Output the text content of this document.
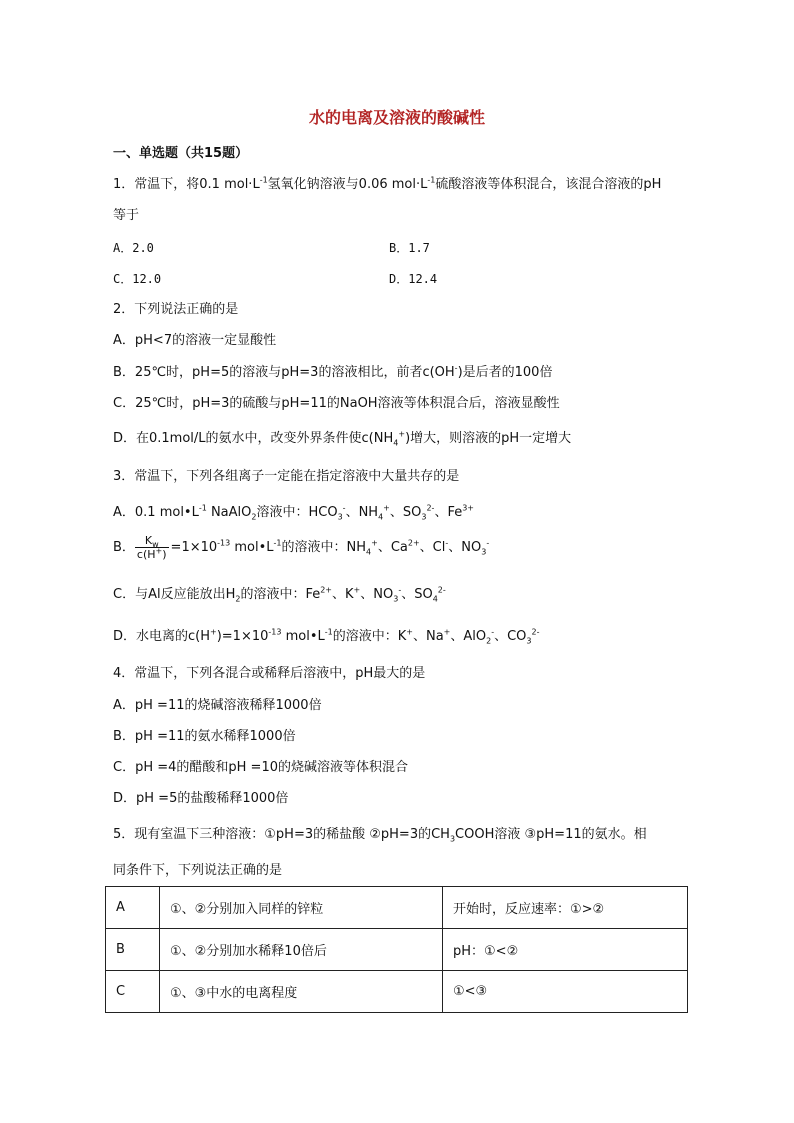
水的电离及溶液的酸碱性
一、单选题（共15题）
1．常温下，将0.1 $mol\cdot L^{-1}$氢氧化钠溶液与0.06 $mol\cdot L^{-1}$硫酸溶液等体积混合，该混合溶液的pH
等于
A．2.0	B．1.7
C．12.0	D．12.4
2．下列说法正确的是
A．pH<7的溶液一定显酸性
B．25℃时，pH=5的溶液与pH=3的溶液相比，前者c(OH-)是后者的100倍
C．25℃时，pH=3的硫酸与pH=11的NaOH溶液等体积混合后，溶液显酸性
D．在0.1mol/L的氨水中，改变外界条件使$c(NH_4^+)$增大，则溶液的pH一定增大
3．常温下，下列各组离子一定能在指定溶液中大量共存的是
A．0.1 $mol•L^{-1}$ NaAlO$_2$溶液中：$HCO_3^-$、$NH_4^+$、$SO_3^{2-}$、$Fe^{3+}$
B． $\frac{K_w}{c(H^+)} =1\times 10^{-13}$ $mol•L^{-1}$的溶液中：$NH_4^+$、$Ca^{2+}$、Cl-、$NO_3^-$
C．与Al反应能放出$H_2$的溶液中：$Fe^{2+}$、K+、$NO_3^-$、$SO_4^{2-}$
D．水电离的$c(H^+)=1\times 10^{-13}$ $mol•L^{-1}$的溶液中：K+、Na+、AlO$_2$-、$CO_3^{2-}$
4．常温下，下列各混合或稀释后溶液中，pH最大的是
A．pH =11的烧碱溶液稀释1000倍
B．pH =11的氨水稀释1000倍
C．pH =4的醋酸和pH =10的烧碱溶液等体积混合
D．pH =5的盐酸稀释1000倍
5．现有室温下三种溶液：①pH=3的稀盐酸 ②pH=3的$CH_3COOH$溶液 ③pH=11的氨水。相
同条件下，下列说法正确的是
A	①、②分别加入同样的锌粒	开始时，反应速率：①>②
B	①、②分别加水稀释10倍后	pH：①<②
C	①、③中水的电离程度	①<③
